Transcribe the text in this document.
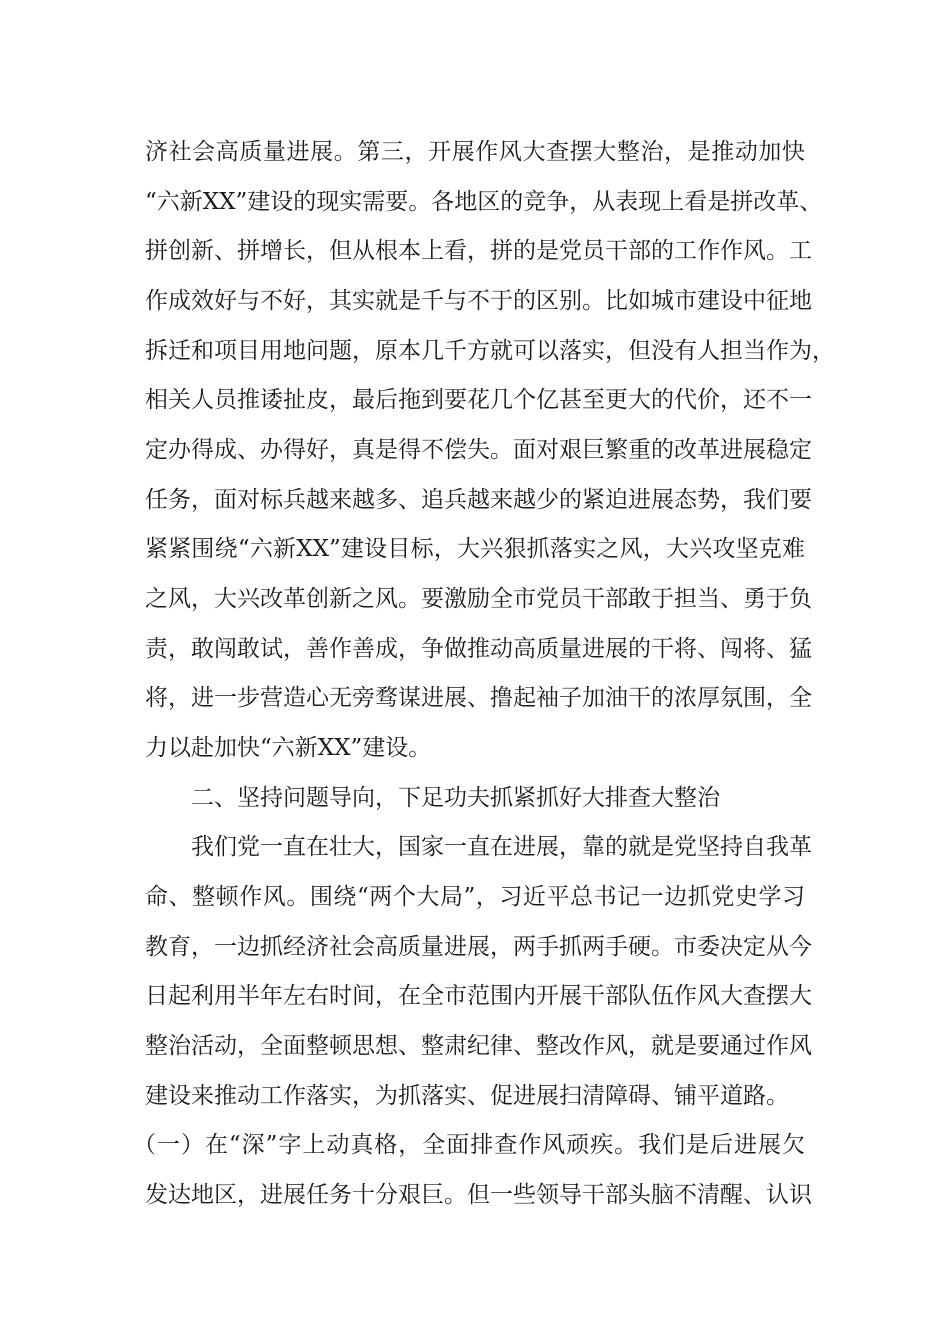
济社会高质量进展。第三，开展作风大查摆大整治，是推动加快
“六新XX”建设的现实需要。各地区的竞争，从表现上看是拼改革、
拼创新、拼增长，但从根本上看，拼的是党员干部的工作作风。工
作成效好与不好，其实就是千与不于的区别。比如城市建设中征地
拆迁和项目用地问题，原本几千方就可以落实，但没有人担当作为，
相关人员推诿扯皮，最后拖到要花几个亿甚至更大的代价，还不一
定办得成、办得好，真是得不偿失。面对艰巨繁重的改革进展稳定
任务，面对标兵越来越多、追兵越来越少的紧迫进展态势，我们要
紧紧围绕“六新XX”建设目标，大兴狠抓落实之风，大兴攻坚克难
之风，大兴改革创新之风。要激励全市党员干部敢于担当、勇于负
责，敢闯敢试，善作善成，争做推动高质量进展的干将、闯将、猛
将，进一步营造心无旁骛谋进展、撸起袖子加油干的浓厚氛围，全
力以赴加快“六新XX”建设。
二、坚持问题导向，下足功夫抓紧抓好大排查大整治
我们党一直在壮大，国家一直在进展，靠的就是党坚持自我革
命、整顿作风。围绕“两个大局”，习近平总书记一边抓党史学习
教育，一边抓经济社会高质量进展，两手抓两手硬。市委决定从今
日起利用半年左右时间，在全市范围内开展干部队伍作风大查摆大
整治活动，全面整顿思想、整肃纪律、整改作风，就是要通过作风
建设来推动工作落实，为抓落实、促进展扫清障碍、铺平道路。
（一）在“深”字上动真格，全面排查作风顽疾。我们是后进展欠
发达地区，进展任务十分艰巨。但一些领导干部头脑不清醒、认识
